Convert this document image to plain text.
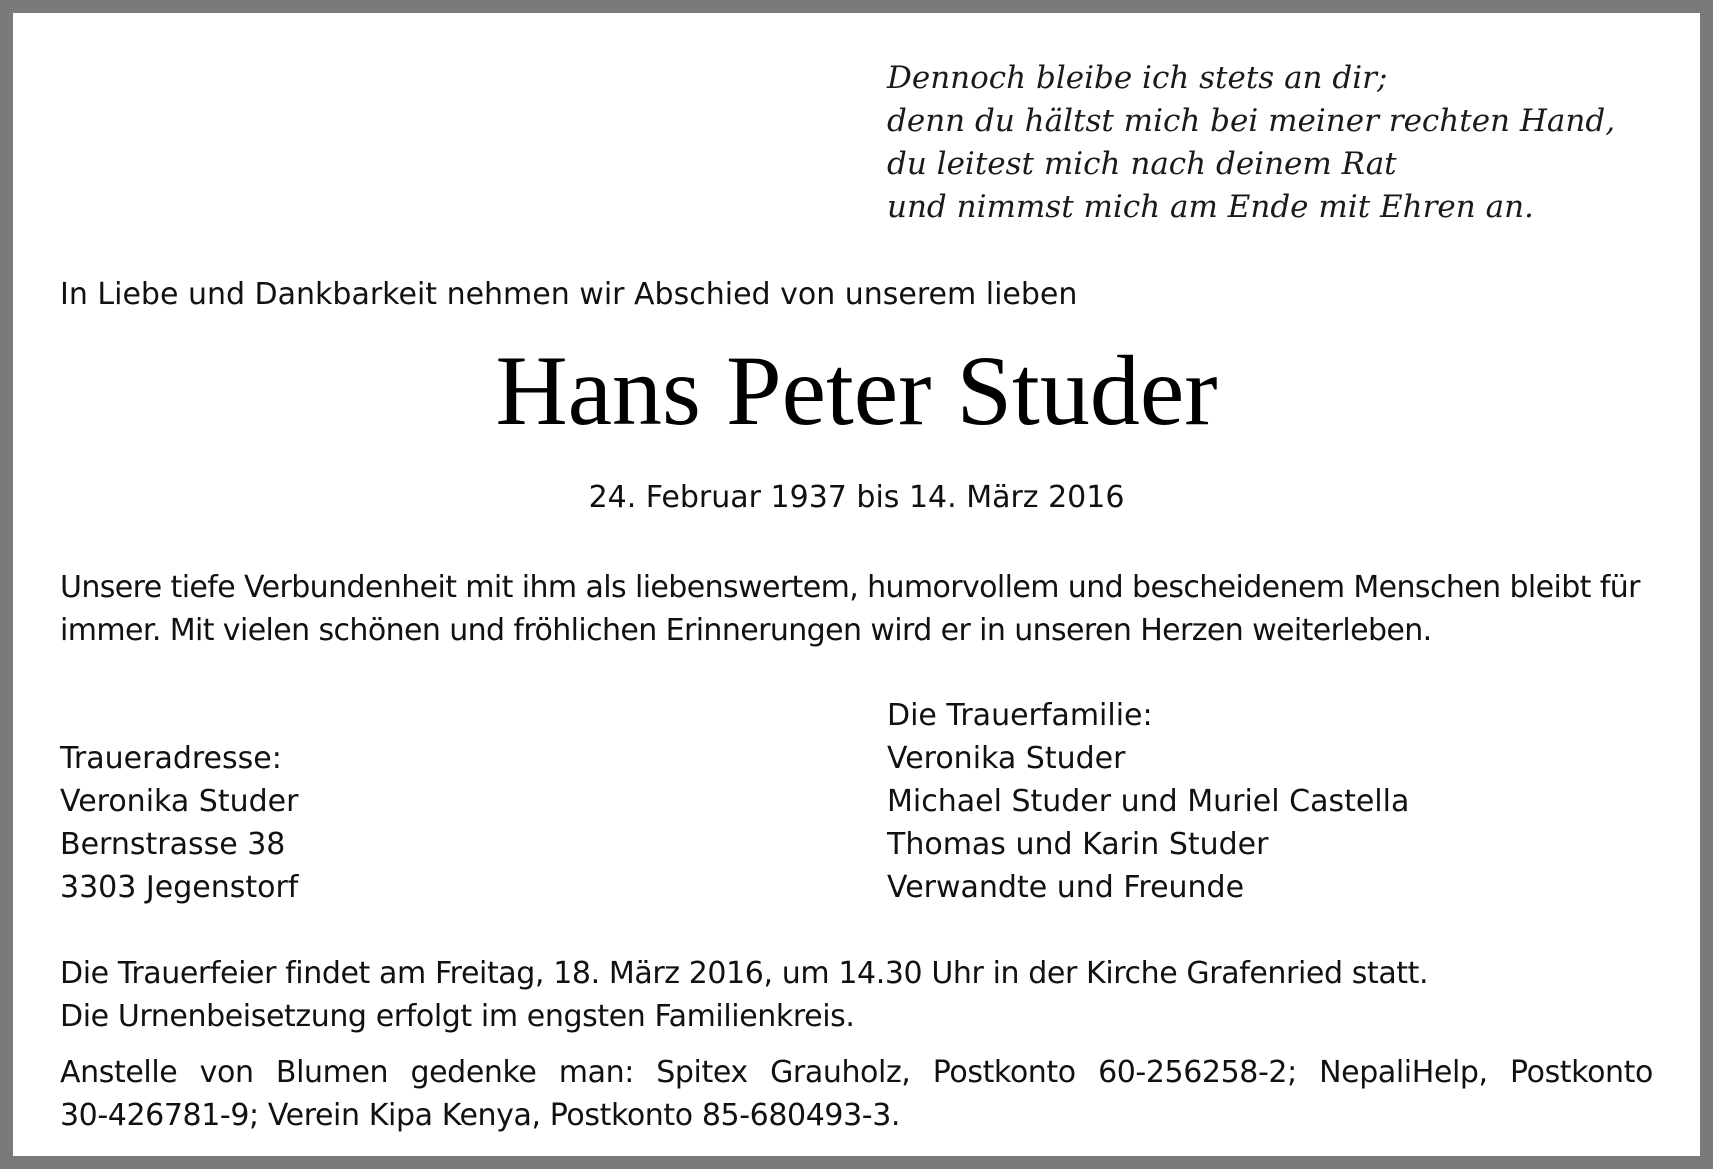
Dennoch bleibe ich stets an dir;
denn du hältst mich bei meiner rechten Hand,
du leitest mich nach deinem Rat
und nimmst mich am Ende mit Ehren an.
In Liebe und Dankbarkeit nehmen wir Abschied von unserem lieben
Hans Peter Studer
24. Februar 1937 bis 14. März 2016
Unsere tiefe Verbundenheit mit ihm als liebenswertem, humorvollem und bescheidenem Menschen bleibt für
immer. Mit vielen schönen und fröhlichen Erinnerungen wird er in unseren Herzen weiterleben.
Traueradresse:
Veronika Studer
Bernstrasse 38
3303 Jegenstorf
Die Trauerfamilie:
Veronika Studer
Michael Studer und Muriel Castella
Thomas und Karin Studer
Verwandte und Freunde
Die Trauerfeier findet am Freitag, 18. März 2016, um 14.30 Uhr in der Kirche Grafenried statt.
Die Urnenbeisetzung erfolgt im engsten Familienkreis.
Anstelle von Blumen gedenke man: Spitex Grauholz, Postkonto 60-256258-2; NepaliHelp, Postkonto
30-426781-9; Verein Kipa Kenya, Postkonto 85-680493-3.
